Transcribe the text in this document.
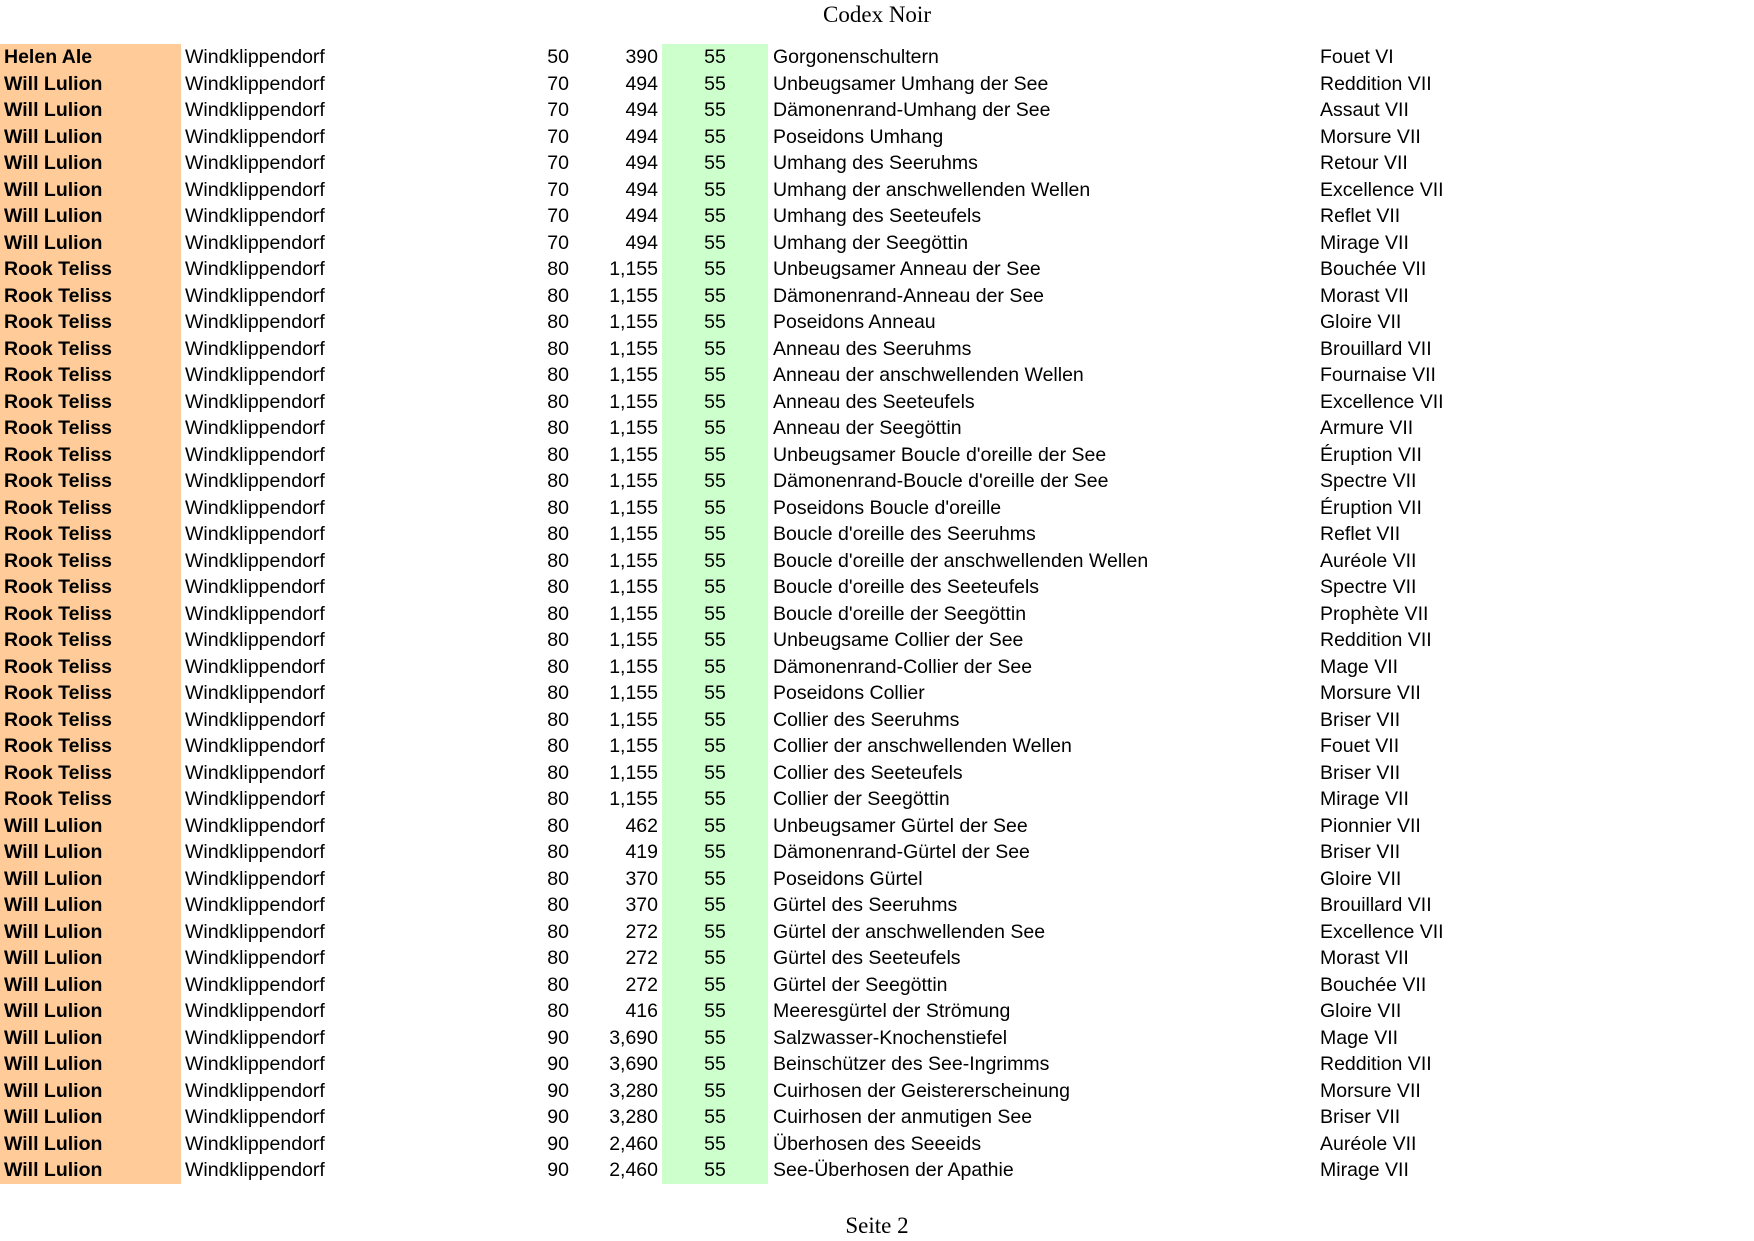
Codex Noir
Helen Ale	Windklippendorf	50	390	55	Gorgonenschultern	Fouet VI
Will Lulion	Windklippendorf	70	494	55	Unbeugsamer Umhang der See	Reddition VII
Will Lulion	Windklippendorf	70	494	55	Dämonenrand-Umhang der See	Assaut VII
Will Lulion	Windklippendorf	70	494	55	Poseidons Umhang	Morsure VII
Will Lulion	Windklippendorf	70	494	55	Umhang des Seeruhms	Retour VII
Will Lulion	Windklippendorf	70	494	55	Umhang der anschwellenden Wellen	Excellence VII
Will Lulion	Windklippendorf	70	494	55	Umhang des Seeteufels	Reflet VII
Will Lulion	Windklippendorf	70	494	55	Umhang der Seegöttin	Mirage VII
Rook Teliss	Windklippendorf	80	1,155	55	Unbeugsamer Anneau der See	Bouchée VII
Rook Teliss	Windklippendorf	80	1,155	55	Dämonenrand-Anneau der See	Morast VII
Rook Teliss	Windklippendorf	80	1,155	55	Poseidons Anneau	Gloire VII
Rook Teliss	Windklippendorf	80	1,155	55	Anneau des Seeruhms	Brouillard VII
Rook Teliss	Windklippendorf	80	1,155	55	Anneau der anschwellenden Wellen	Fournaise VII
Rook Teliss	Windklippendorf	80	1,155	55	Anneau des Seeteufels	Excellence VII
Rook Teliss	Windklippendorf	80	1,155	55	Anneau der Seegöttin	Armure VII
Rook Teliss	Windklippendorf	80	1,155	55	Unbeugsamer Boucle d'oreille der See	Éruption VII
Rook Teliss	Windklippendorf	80	1,155	55	Dämonenrand-Boucle d'oreille der See	Spectre VII
Rook Teliss	Windklippendorf	80	1,155	55	Poseidons Boucle d'oreille	Éruption VII
Rook Teliss	Windklippendorf	80	1,155	55	Boucle d'oreille des Seeruhms	Reflet VII
Rook Teliss	Windklippendorf	80	1,155	55	Boucle d'oreille der anschwellenden Wellen	Auréole VII
Rook Teliss	Windklippendorf	80	1,155	55	Boucle d'oreille des Seeteufels	Spectre VII
Rook Teliss	Windklippendorf	80	1,155	55	Boucle d'oreille der Seegöttin	Prophète VII
Rook Teliss	Windklippendorf	80	1,155	55	Unbeugsame Collier der See	Reddition VII
Rook Teliss	Windklippendorf	80	1,155	55	Dämonenrand-Collier der See	Mage VII
Rook Teliss	Windklippendorf	80	1,155	55	Poseidons Collier	Morsure VII
Rook Teliss	Windklippendorf	80	1,155	55	Collier des Seeruhms	Briser VII
Rook Teliss	Windklippendorf	80	1,155	55	Collier der anschwellenden Wellen	Fouet VII
Rook Teliss	Windklippendorf	80	1,155	55	Collier des Seeteufels	Briser VII
Rook Teliss	Windklippendorf	80	1,155	55	Collier der Seegöttin	Mirage VII
Will Lulion	Windklippendorf	80	462	55	Unbeugsamer Gürtel der See	Pionnier VII
Will Lulion	Windklippendorf	80	419	55	Dämonenrand-Gürtel der See	Briser VII
Will Lulion	Windklippendorf	80	370	55	Poseidons Gürtel	Gloire VII
Will Lulion	Windklippendorf	80	370	55	Gürtel des Seeruhms	Brouillard VII
Will Lulion	Windklippendorf	80	272	55	Gürtel der anschwellenden See	Excellence VII
Will Lulion	Windklippendorf	80	272	55	Gürtel des Seeteufels	Morast VII
Will Lulion	Windklippendorf	80	272	55	Gürtel der Seegöttin	Bouchée VII
Will Lulion	Windklippendorf	80	416	55	Meeresgürtel der Strömung	Gloire VII
Will Lulion	Windklippendorf	90	3,690	55	Salzwasser-Knochenstiefel	Mage VII
Will Lulion	Windklippendorf	90	3,690	55	Beinschützer des See-Ingrimms	Reddition VII
Will Lulion	Windklippendorf	90	3,280	55	Cuirhosen der Geistererscheinung	Morsure VII
Will Lulion	Windklippendorf	90	3,280	55	Cuirhosen der anmutigen See	Briser VII
Will Lulion	Windklippendorf	90	2,460	55	Überhosen des Seeeids	Auréole VII
Will Lulion	Windklippendorf	90	2,460	55	See-Überhosen der Apathie	Mirage VII
Seite 2
